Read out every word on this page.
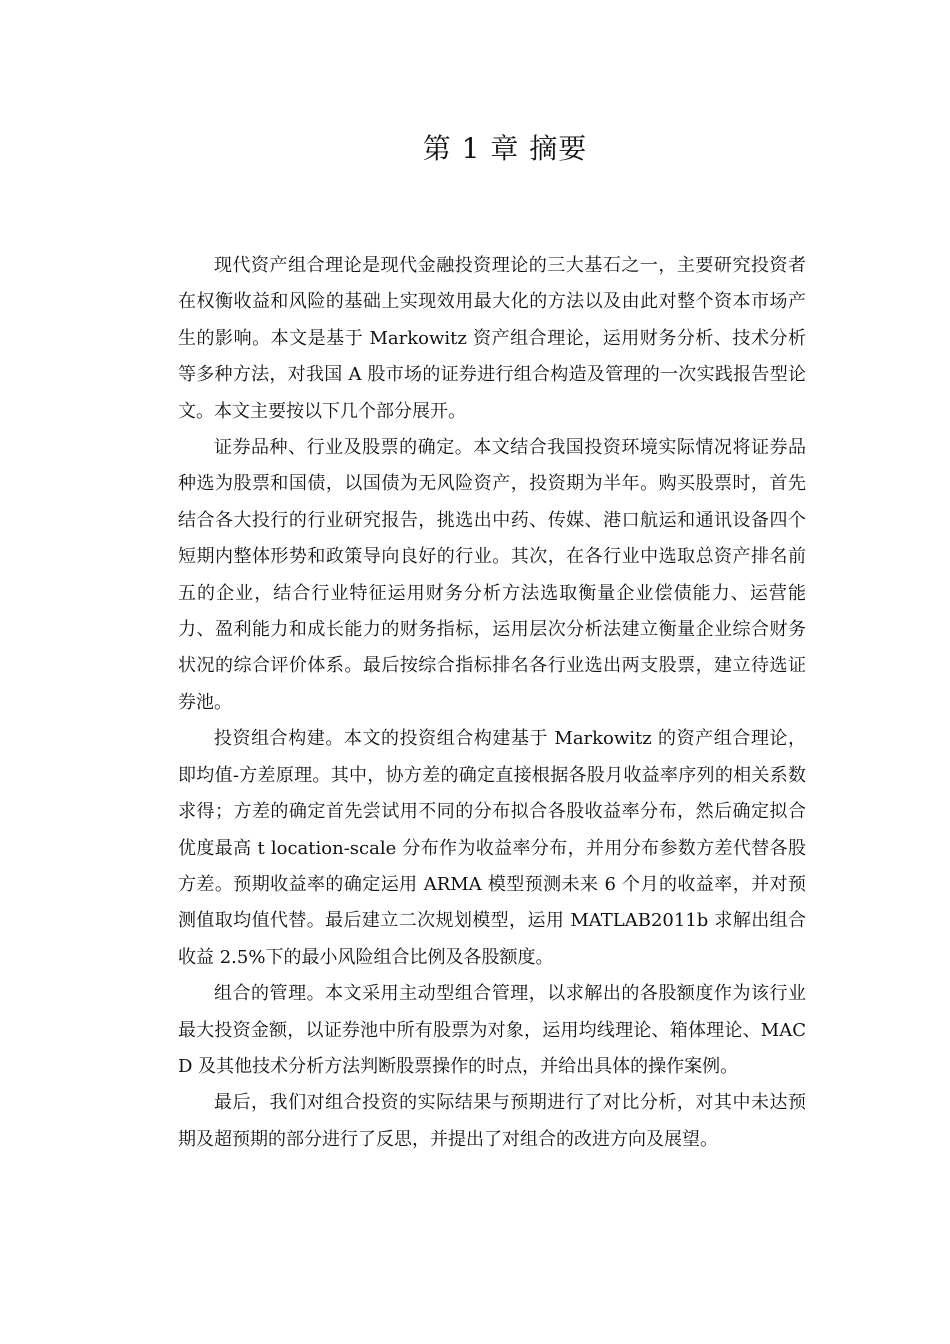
第 1 章 摘要

现代资产组合理论是现代金融投资理论的三大基石之一，主要研究投资者在权衡收益和风险的基础上实现效用最大化的方法以及由此对整个资本市场产生的影响。本文是基于 Markowitz 资产组合理论，运用财务分析、技术分析等多种方法，对我国 A 股市场的证券进行组合构造及管理的一次实践报告型论文。本文主要按以下几个部分展开。

证券品种、行业及股票的确定。本文结合我国投资环境实际情况将证券品种选为股票和国债，以国债为无风险资产，投资期为半年。购买股票时，首先结合各大投行的行业研究报告，挑选出中药、传媒、港口航运和通讯设备四个短期内整体形势和政策导向良好的行业。其次，在各行业中选取总资产排名前五的企业，结合行业特征运用财务分析方法选取衡量企业偿债能力、运营能力、盈利能力和成长能力的财务指标，运用层次分析法建立衡量企业综合财务状况的综合评价体系。最后按综合指标排名各行业选出两支股票，建立待选证券池。

投资组合构建。本文的投资组合构建基于 Markowitz 的资产组合理论，即均值-方差原理。其中，协方差的确定直接根据各股月收益率序列的相关系数求得；方差的确定首先尝试用不同的分布拟合各股收益率分布，然后确定拟合优度最高 t location-scale 分布作为收益率分布，并用分布参数方差代替各股方差。预期收益率的确定运用 ARMA 模型预测未来 6 个月的收益率，并对预测值取均值代替。最后建立二次规划模型，运用 MATLAB2011b 求解出组合收益 2.5%下的最小风险组合比例及各股额度。

组合的管理。本文采用主动型组合管理，以求解出的各股额度作为该行业最大投资金额，以证券池中所有股票为对象，运用均线理论、箱体理论、MACD 及其他技术分析方法判断股票操作的时点，并给出具体的操作案例。

最后，我们对组合投资的实际结果与预期进行了对比分析，对其中未达预期及超预期的部分进行了反思，并提出了对组合的改进方向及展望。
